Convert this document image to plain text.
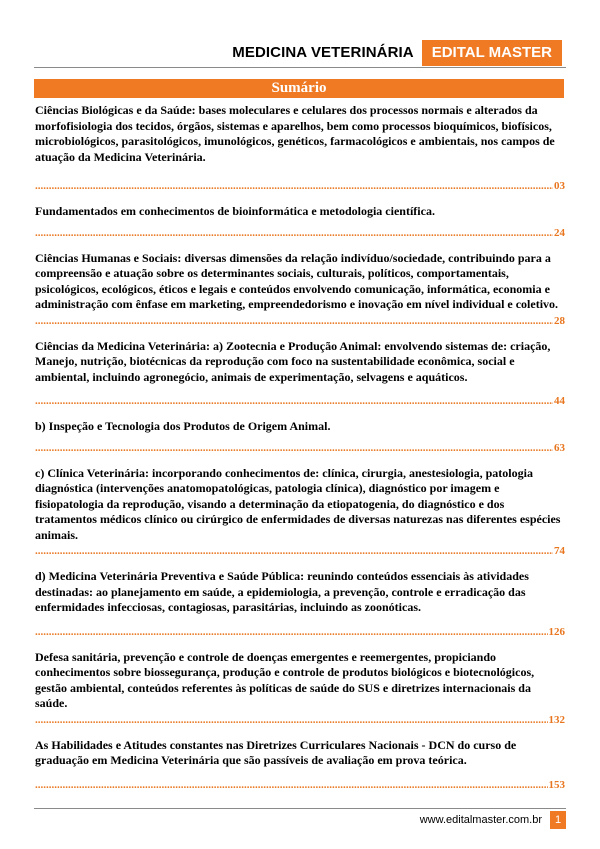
MEDICINA VETERINÁRIA	EDITAL MASTER
Sumário

Ciências Biológicas e da Saúde: bases moleculares e celulares dos processos normais e alterados da morfofisiologia dos tecidos, órgãos, sistemas e aparelhos, bem como processos bioquímicos, biofísicos, microbiológicos, parasitológicos, imunológicos, genéticos, farmacológicos e ambientais, nos campos de atuação da Medicina Veterinária.

.....
03

Fundamentados em conhecimentos de bioinformática e metodologia científica.

.....
24

Ciências Humanas e Sociais: diversas dimensões da relação indivíduo/sociedade, contribuindo para a compreensão e atuação sobre os determinantes sociais, culturais, políticos, comportamentais, psicológicos, ecológicos, éticos e legais e conteúdos envolvendo comunicação, informática, economia e administração com ênfase em marketing, empreendedorismo e inovação em nível individual e coletivo.

.....
28

Ciências da Medicina Veterinária: a) Zootecnia e Produção Animal: envolvendo sistemas de: criação, Manejo, nutrição, biotécnicas da reprodução com foco na sustentabilidade econômica, social e ambiental, incluindo agronegócio, animais de experimentação, selvagens e aquáticos.

.....
44

b) Inspeção e Tecnologia dos Produtos de Origem Animal.

.....
63

c) Clínica Veterinária: incorporando conhecimentos de: clínica, cirurgia, anestesiologia, patologia diagnóstica (intervenções anatomopatológicas, patologia clínica), diagnóstico por imagem e fisiopatologia da reprodução, visando a determinação da etiopatogenia, do diagnóstico e dos tratamentos médicos clínico ou cirúrgico de enfermidades de diversas naturezas nas diferentes espécies animais.

.....
74

d) Medicina Veterinária Preventiva e Saúde Pública: reunindo conteúdos essenciais às atividades destinadas: ao planejamento em saúde, a epidemiologia, a prevenção, controle e erradicação das enfermidades infecciosas, contagiosas, parasitárias, incluindo as zoonóticas.

.....
126

Defesa sanitária, prevenção e controle de doenças emergentes e reemergentes, propiciando conhecimentos sobre biossegurança, produção e controle de produtos biológicos e biotecnológicos, gestão ambiental, conteúdos referentes às políticas de saúde do SUS e diretrizes internacionais da saúde.

.....
132

As Habilidades e Atitudes constantes nas Diretrizes Curriculares Nacionais - DCN do curso de graduação em Medicina Veterinária que são passíveis de avaliação em prova teórica.

.....
153
www.editalmaster.com.br	1
